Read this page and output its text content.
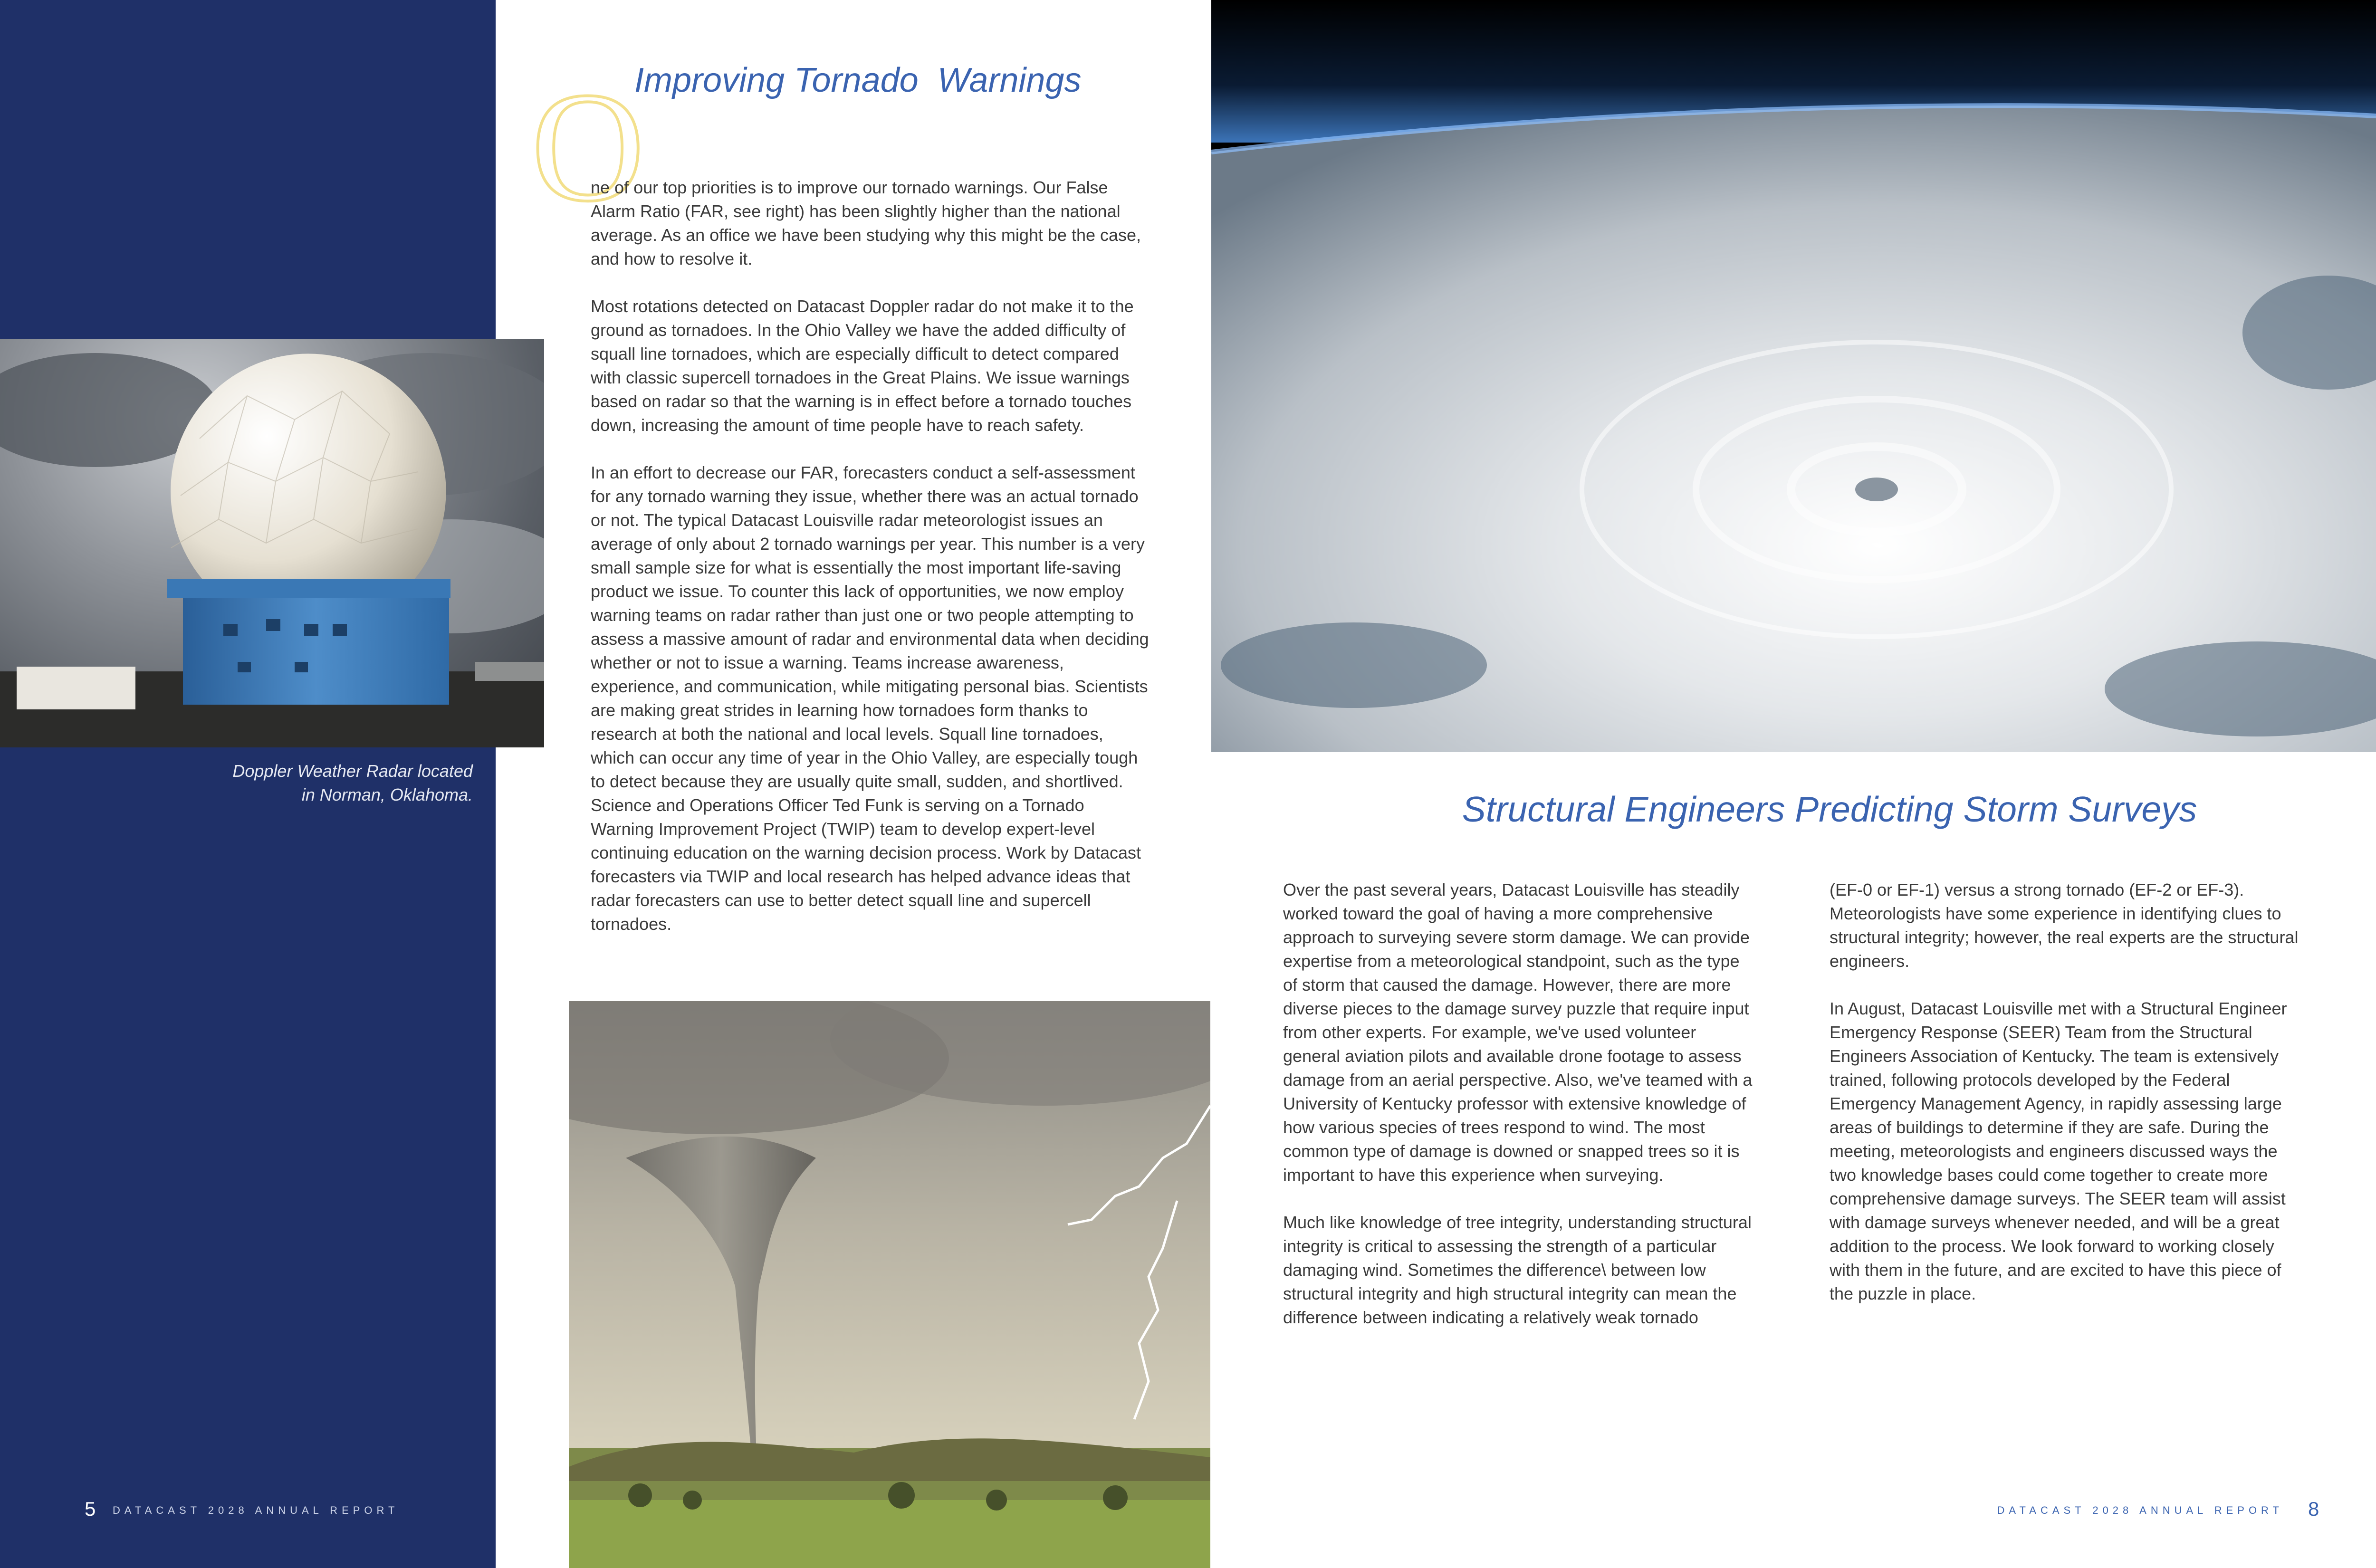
Doppler Weather Radar located
in Norman, Oklahoma.
O
Improving Tornado  Warnings

ne of our top priorities is to improve our tornado warnings. Our False Alarm Ratio (FAR, see right) has been slightly higher than the national average. As an office we have been studying why this might be the case, and how to resolve it.

Most rotations detected on Datacast Doppler radar do not make it to the ground as tornadoes. In the Ohio Valley we have the added difficulty of squall line tornadoes, which are especially difficult to detect compared with classic supercell tornadoes in the Great Plains. We issue warnings based on radar so that the warning is in effect before a tornado touches down, increasing the amount of time people have to reach safety.

In an effort to decrease our FAR, forecasters conduct a self-assessment for any tornado warning they issue, whether there was an actual tornado or not. The typical Datacast Louisville radar meteorologist issues an average of only about 2 tornado warnings per year. This number is a very small sample size for what is essentially the most important life-saving product we issue. To counter this lack of opportunities, we now employ warning teams on radar rather than just one or two people attempting to assess a massive amount of radar and environmental data when deciding whether or not to issue a warning. Teams increase awareness, experience, and communication, while mitigating personal bias. Scientists are making great strides in learning how tornadoes form thanks to research at both the national and local levels. Squall line tornadoes, which can occur any time of year in the Ohio Valley, are especially tough to detect because they are usually quite small, sudden, and shortlived. Science and Operations Officer Ted Funk is serving on a Tornado Warning Improvement Project (TWIP) team to develop expert-level continuing education on the warning decision process. Work by Datacast forecasters via TWIP and local research has helped advance ideas that radar forecasters can use to better detect squall line and supercell tornadoes.

Structural Engineers Predicting Storm Surveys

Over the past several years, Datacast Louisville has steadily worked toward the goal of having a more comprehensive approach to surveying severe storm damage. We can provide expertise from a meteorological standpoint, such as the type of storm that caused the damage. However, there are more diverse pieces to the damage survey puzzle that require input from other experts. For example, we've used volunteer general aviation pilots and available drone footage to assess damage from an aerial perspective. Also, we've teamed with a University of Kentucky professor with extensive knowledge of how various species of trees respond to wind. The most common type of damage is downed or snapped trees so it is important to have this experience when surveying.

Much like knowledge of tree integrity, understanding structural integrity is critical to assessing the strength of a particular damaging wind. Sometimes the difference\ between low structural integrity and high structural integrity can mean the difference between indicating a relatively weak tornado

(EF-0 or EF-1) versus a strong tornado (EF-2 or EF-3). Meteorologists have some experience in identifying clues to structural integrity; however, the real experts are the structural engineers.

In August, Datacast Louisville met with a Structural Engineer Emergency Response (SEER) Team from the Structural Engineers Association of Kentucky. The team is extensively trained, following protocols developed by the Federal Emergency Management Agency, in rapidly assessing large areas of buildings to determine if they are safe. During the meeting, meteorologists and engineers discussed ways the two knowledge bases could come together to create more comprehensive damage surveys. The SEER team will assist with damage surveys whenever needed, and will be a great addition to the process. We look forward to working closely with them in the future, and are excited to have this piece of the puzzle in place.

5 DATACAST 2028 ANNUAL REPORT	DATACAST 2028 ANNUAL REPORT 8
